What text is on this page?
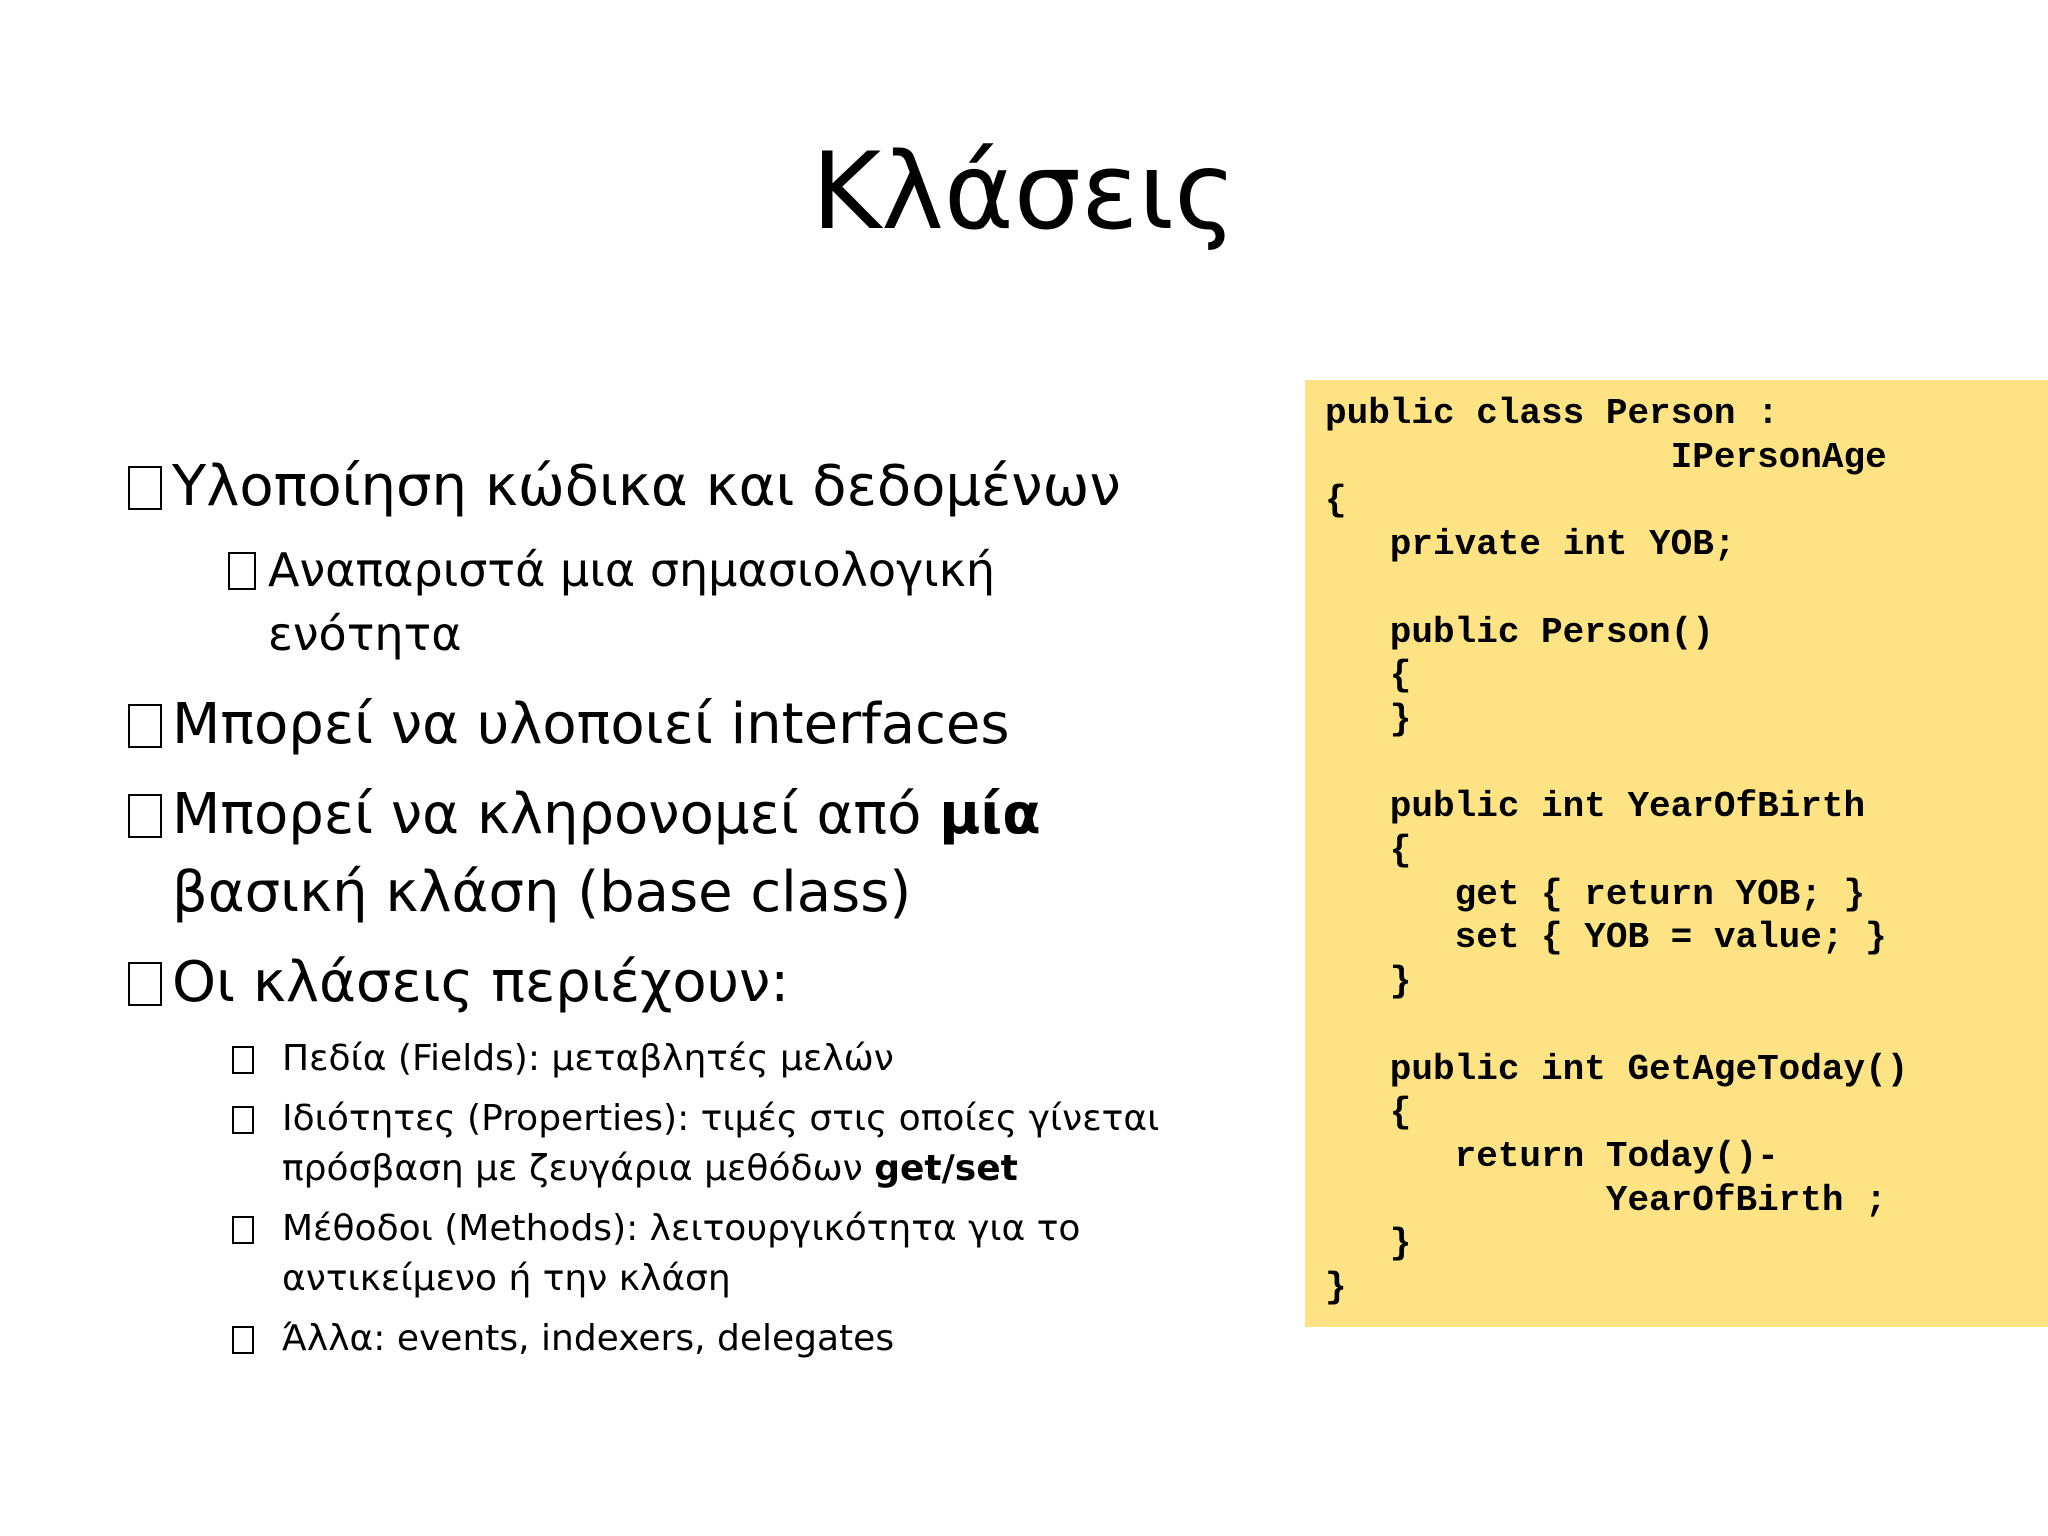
Κλάσεις
Υλοποίηση κώδικα και δεδομένων
Αναπαριστά μια σημασιολογική ενότητα
Μπορεί να υλοποιεί interfaces
Μπορεί να κληρονομεί από μία βασική κλάση (base class)
Οι κλάσεις περιέχουν:
Πεδία (Fields): μεταβλητές μελών
Ιδιότητες (Properties): τιμές στις οποίες γίνεται πρόσβαση με ζευγάρια μεθόδων get/set
Μέθοδοι (Methods): λειτουργικότητα για το αντικείμενο ή την κλάση
Άλλα: events, indexers, delegates
public class Person :
IPersonAge
{
private int YOB;

public Person()
{
}

public int YearOfBirth
{
get { return YOB; }
set { YOB = value; }
}

public int GetAgeToday()
{
return Today()-
YearOfBirth ;
}
}
